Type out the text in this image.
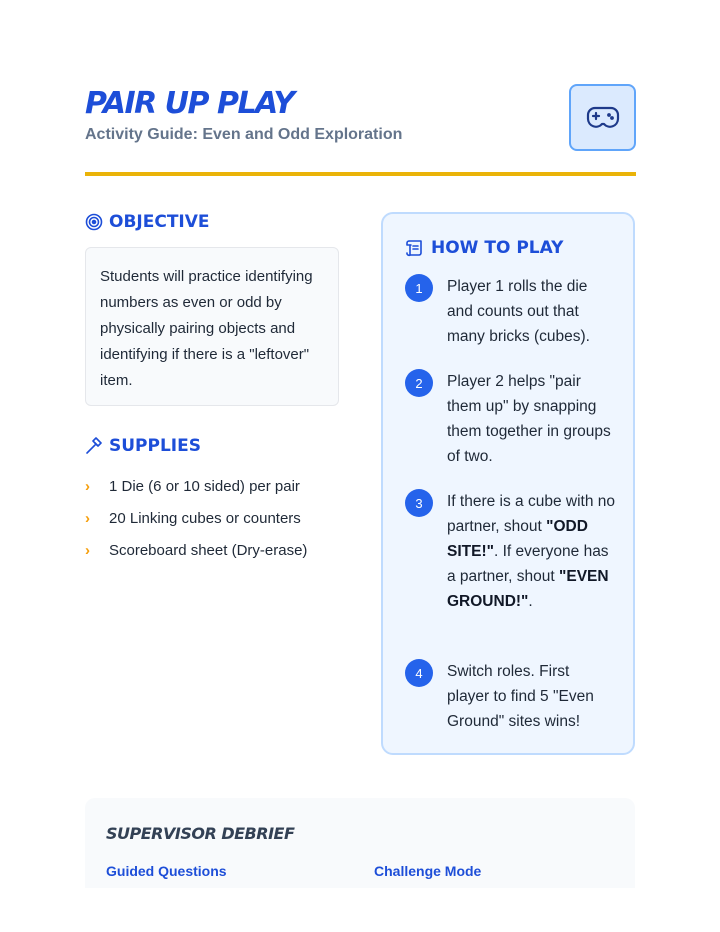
PAIR UP PLAY
Activity Guide: Even and Odd Exploration
OBJECTIVE
Students will practice identifying numbers as even or odd by physically pairing objects and identifying if there is a "leftover" item.
SUPPLIES
›	1 Die (6 or 10 sided) per pair
›	20 Linking cubes or counters
›	Scoreboard sheet (Dry-erase)
HOW TO PLAY
1	Player 1 rolls the die and counts out that many bricks (cubes).
2	Player 2 helps "pair them up" by snapping them together in groups of two.
3	If there is a cube with no partner, shout "ODD SITE!". If everyone has a partner, shout "EVEN GROUND!".
4	Switch roles. First player to find 5 "Even Ground" sites wins!
SUPERVISOR DEBRIEF
Guided Questions	Challenge Mode
